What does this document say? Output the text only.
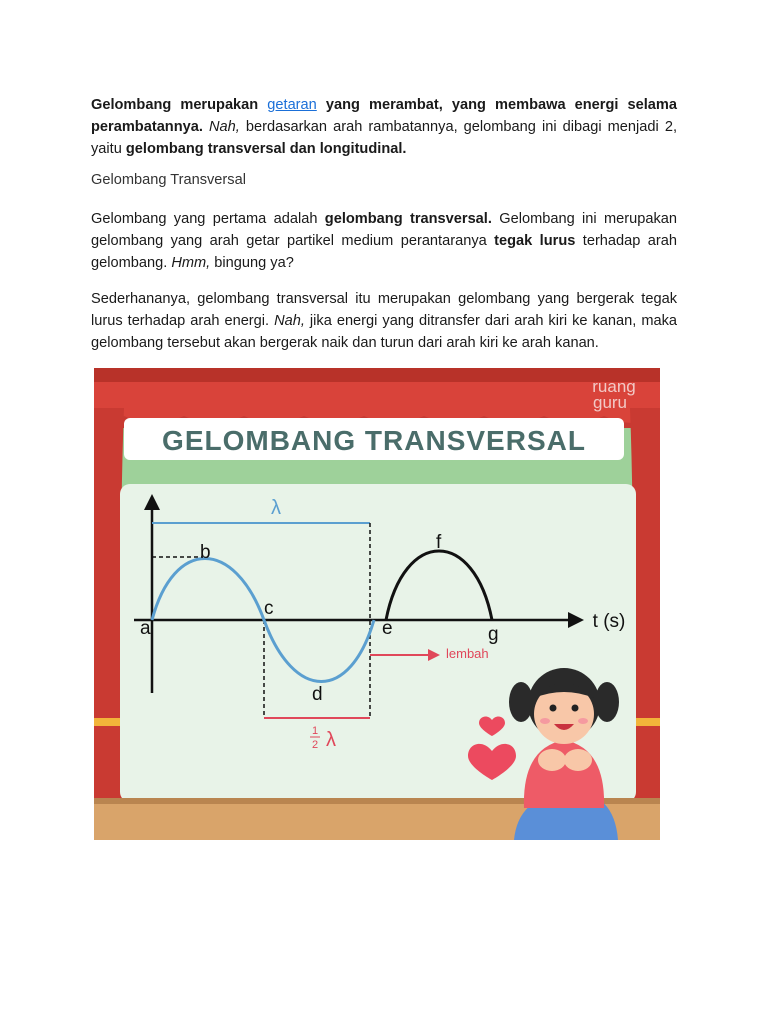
Gelombang merupakan getaran yang merambat, yang membawa energi selama perambatannya. Nah, berdasarkan arah rambatannya, gelombang ini dibagi menjadi 2, yaitu gelombang transversal dan longitudinal.

Gelombang Transversal

Gelombang yang pertama adalah gelombang transversal. Gelombang ini merupakan gelombang yang arah getar partikel medium perantaranya tegak lurus terhadap arah gelombang. Hmm, bingung ya?

Sederhananya, gelombang transversal itu merupakan gelombang yang bergerak tegak lurus terhadap arah energi. Nah, jika energi yang ditransfer dari arah kiri ke kanan, maka gelombang tersebut akan bergerak naik dan turun dari arah kiri ke arah kanan.

GELOMBANG TRANSVERSAL
ruang
guru
t (s)
λ
1
2 λ
lembah
a
b
c
d
e
f
g
